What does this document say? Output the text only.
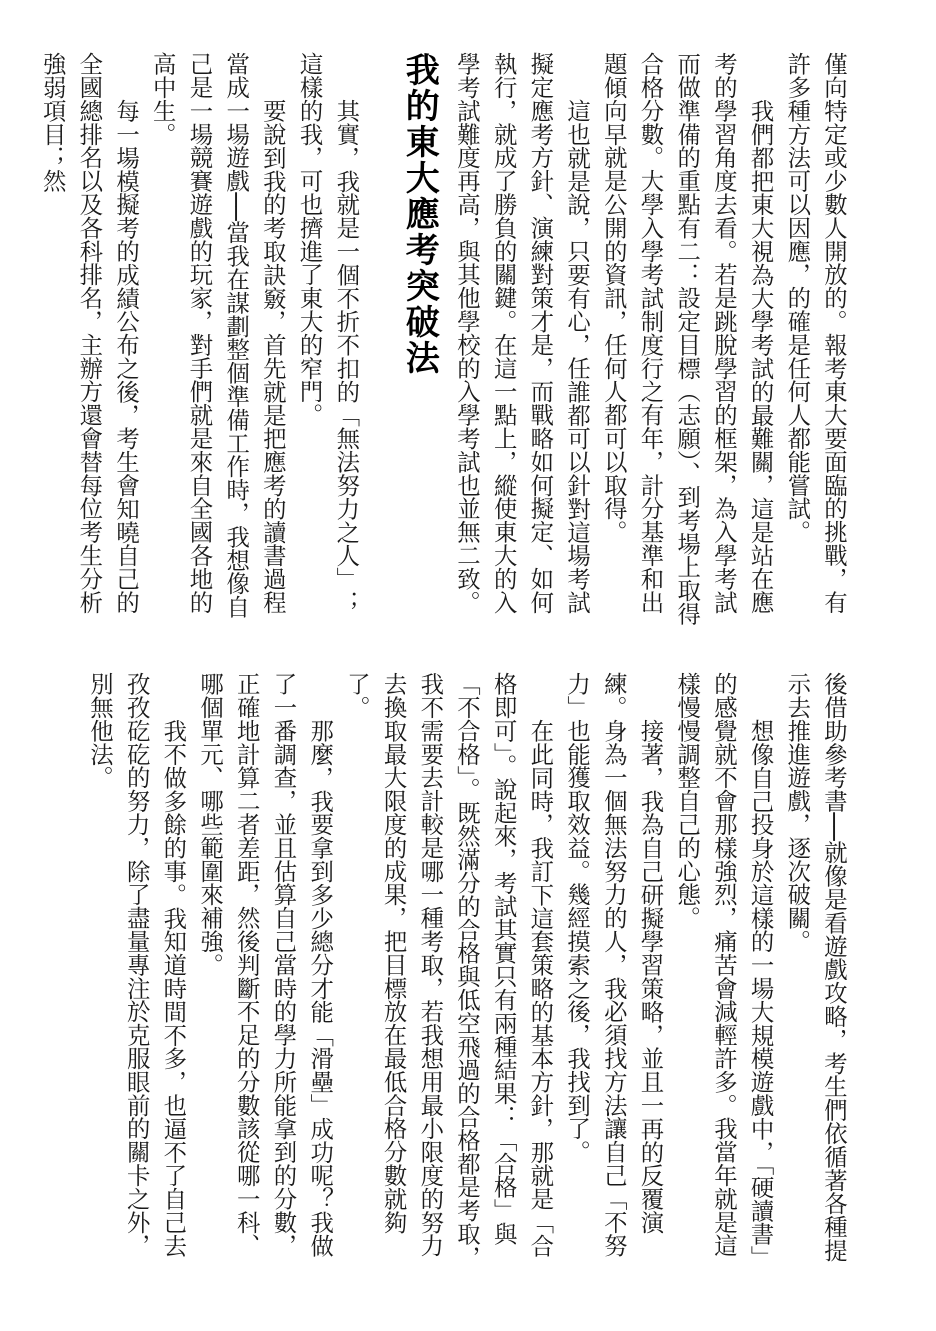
僅向特定或少數人開放的。報考東大要面臨的挑戰，有許多種方法可以因應，的確是任何人都能嘗試。

我們都把東大視為大學考試的最難關，這是站在應考的學習角度去看。若是跳脫學習的框架，為入學考試而做準備的重點有二：設定目標（志願）、到考場上取得合格分數。大學入學考試制度行之有年，計分基準和出題傾向早就是公開的資訊，任何人都可以取得。

這也就是說，只要有心，任誰都可以針對這場考試擬定應考方針、演練對策才是，而戰略如何擬定、如何執行，就成了勝負的關鍵。在這一點上，縱使東大的入學考試難度再高，與其他學校的入學考試也並無二致。

我的東大應考突破法

其實，我就是一個不折不扣的「無法努力之人」；這樣的我，可也擠進了東大的窄門。

要說到我的考取訣竅，首先就是把應考的讀書過程當成一場遊戲──當我在謀劃整個準備工作時，我想像自己是一場競賽遊戲的玩家，對手們就是來自全國各地的高中生。

每一場模擬考的成績公布之後，考生會知曉自己的全國總排名以及各科排名，主辦方還會替每位考生分析強弱項目；然

後借助參考書──就像是看遊戲攻略，考生們依循著各種提示去推進遊戲，逐次破關。

想像自己投身於這樣的一場大規模遊戲中，「硬讀書」的感覺就不會那樣強烈，痛苦會減輕許多。我當年就是這樣慢慢調整自己的心態。

接著，我為自己研擬學習策略，並且一再的反覆演練。身為一個無法努力的人，我必須找方法讓自己「不努力」也能獲取效益。幾經摸索之後，我找到了。

在此同時，我訂下這套策略的基本方針，那就是「合格即可」。說起來，考試其實只有兩種結果：「合格」與「不合格」。既然滿分的合格與低空飛過的合格都是考取，我不需要去計較是哪一種考取，若我想用最小限度的努力去換取最大限度的成果，把目標放在最低合格分數就夠了。

那麼，我要拿到多少總分才能「滑壘」成功呢？我做了一番調查，並且估算自己當時的學力所能拿到的分數，正確地計算二者差距，然後判斷不足的分數該從哪一科、哪個單元、哪些範圍來補強。

我不做多餘的事。我知道時間不多，也逼不了自己去孜孜矻矻的努力，除了盡量專注於克服眼前的關卡之外，別無他法。
